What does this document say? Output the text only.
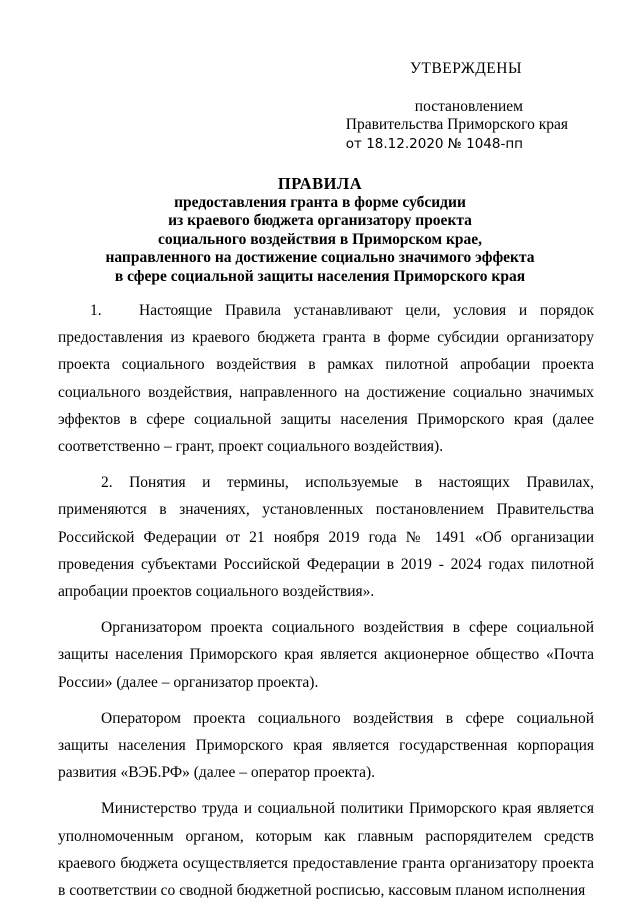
УТВЕРЖДЕНЫ
постановлением
Правительства Приморского края
от 18.12.2020 № 1048-пп
ПРАВИЛА
предоставления гранта в форме субсидии
из краевого бюджета организатору проекта
социального воздействия в Приморском крае,
направленного на достижение социально значимого эффекта
в сфере социальной защиты населения Приморского края

1. Настоящие Правила устанавливают цели, условия и порядок предоставления из краевого бюджета гранта в форме субсидии организатору проекта социального воздействия в рамках пилотной апробации проекта социального воздействия, направленного на достижение социально значимых эффектов в сфере социальной защиты населения Приморского края (далее соответственно – грант, проект социального воздействия).

2. Понятия и термины, используемые в настоящих Правилах, применяются в значениях, установленных постановлением Правительства Российской Федерации от 21 ноября 2019 года № 1491 «Об организации проведения субъектами Российской Федерации в 2019 - 2024 годах пилотной апробации проектов социального воздействия».

Организатором проекта социального воздействия в сфере социальной защиты населения Приморского края является акционерное общество «Почта России» (далее – организатор проекта).

Оператором проекта социального воздействия в сфере социальной защиты населения Приморского края является государственная корпорация развития «ВЭБ.РФ» (далее – оператор проекта).

Министерство труда и социальной политики Приморского края является уполномоченным органом, которым как главным распорядителем средств краевого бюджета осуществляется предоставление гранта организатору проекта в соответствии со сводной бюджетной росписью, кассовым планом исполнения
